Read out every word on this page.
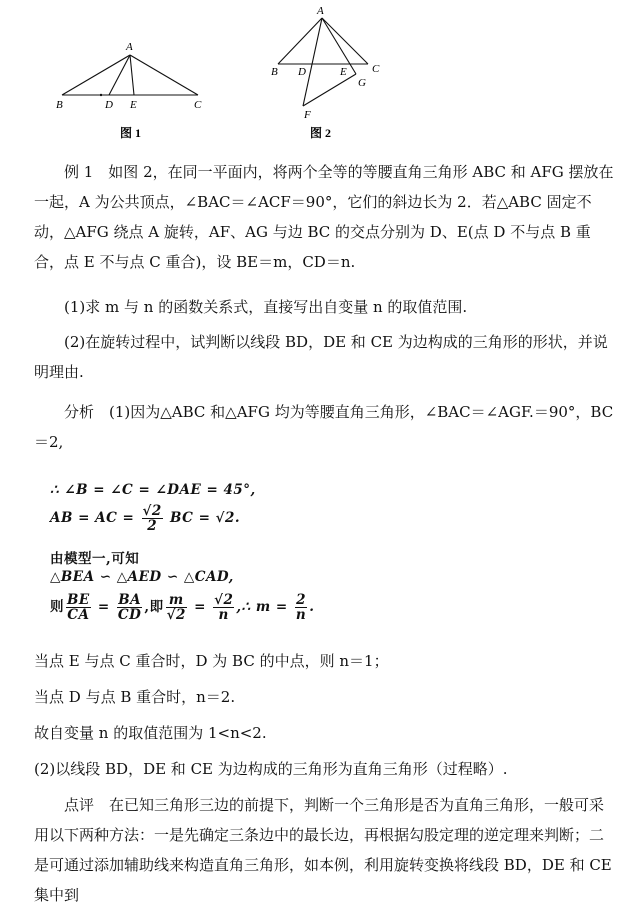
A
B	D E	C
图 1
A
B D	E C
G
F
图 2
例 1　如图 2，在同一平面内，将两个全等的等腰直角三角形 ABC 和 AFG 摆放在一起，A 为公共顶点，∠BAC＝∠ACF＝90°，它们的斜边长为 2．若△ABC 固定不动，△AFG 绕点 A 旋转，AF、AG 与边 BC 的交点分别为 D、E(点 D 不与点 B 重合，点 E 不与点 C 重合)，设 BE＝m，CD＝n.
(1)求 m 与 n 的函数关系式，直接写出自变量 n 的取值范围.
(2)在旋转过程中，试判断以线段 BD，DE 和 CE 为边构成的三角形的形状，并说明理由.
分析　(1)因为△ABC 和△AFG 均为等腰直角三角形，∠BAC＝∠AGF.＝90°，BC＝2,
∴ ∠B = ∠C = ∠DAE = 45°,
AB = AC = $\frac{√2}{2}$ BC = √2.
由模型一,可知
△BEA ∽ △AED ∽ △CAD,
则 $\frac{BE}{CA} = \frac{BA}{CD}$ ,即 $\frac{m}{√2} = \frac{√2}{n}$ ,∴ $m = \frac{2}{n}$ .
当点 E 与点 C 重合时，D 为 BC 的中点，则 n＝1；
当点 D 与点 B 重合时，n＝2.
故自变量 n 的取值范围为 1<n<2.
(2)以线段 BD，DE 和 CE 为边构成的三角形为直角三角形（过程略）.
点评　在已知三角形三边的前提下，判断一个三角形是否为直角三角形，一般可采用以下两种方法：一是先确定三条边中的最长边，再根据勾股定理的逆定理来判断；二是可通过添加辅助线来构造直角三角形，如本例，利用旋转变换将线段 BD，DE 和 CE 集中到
